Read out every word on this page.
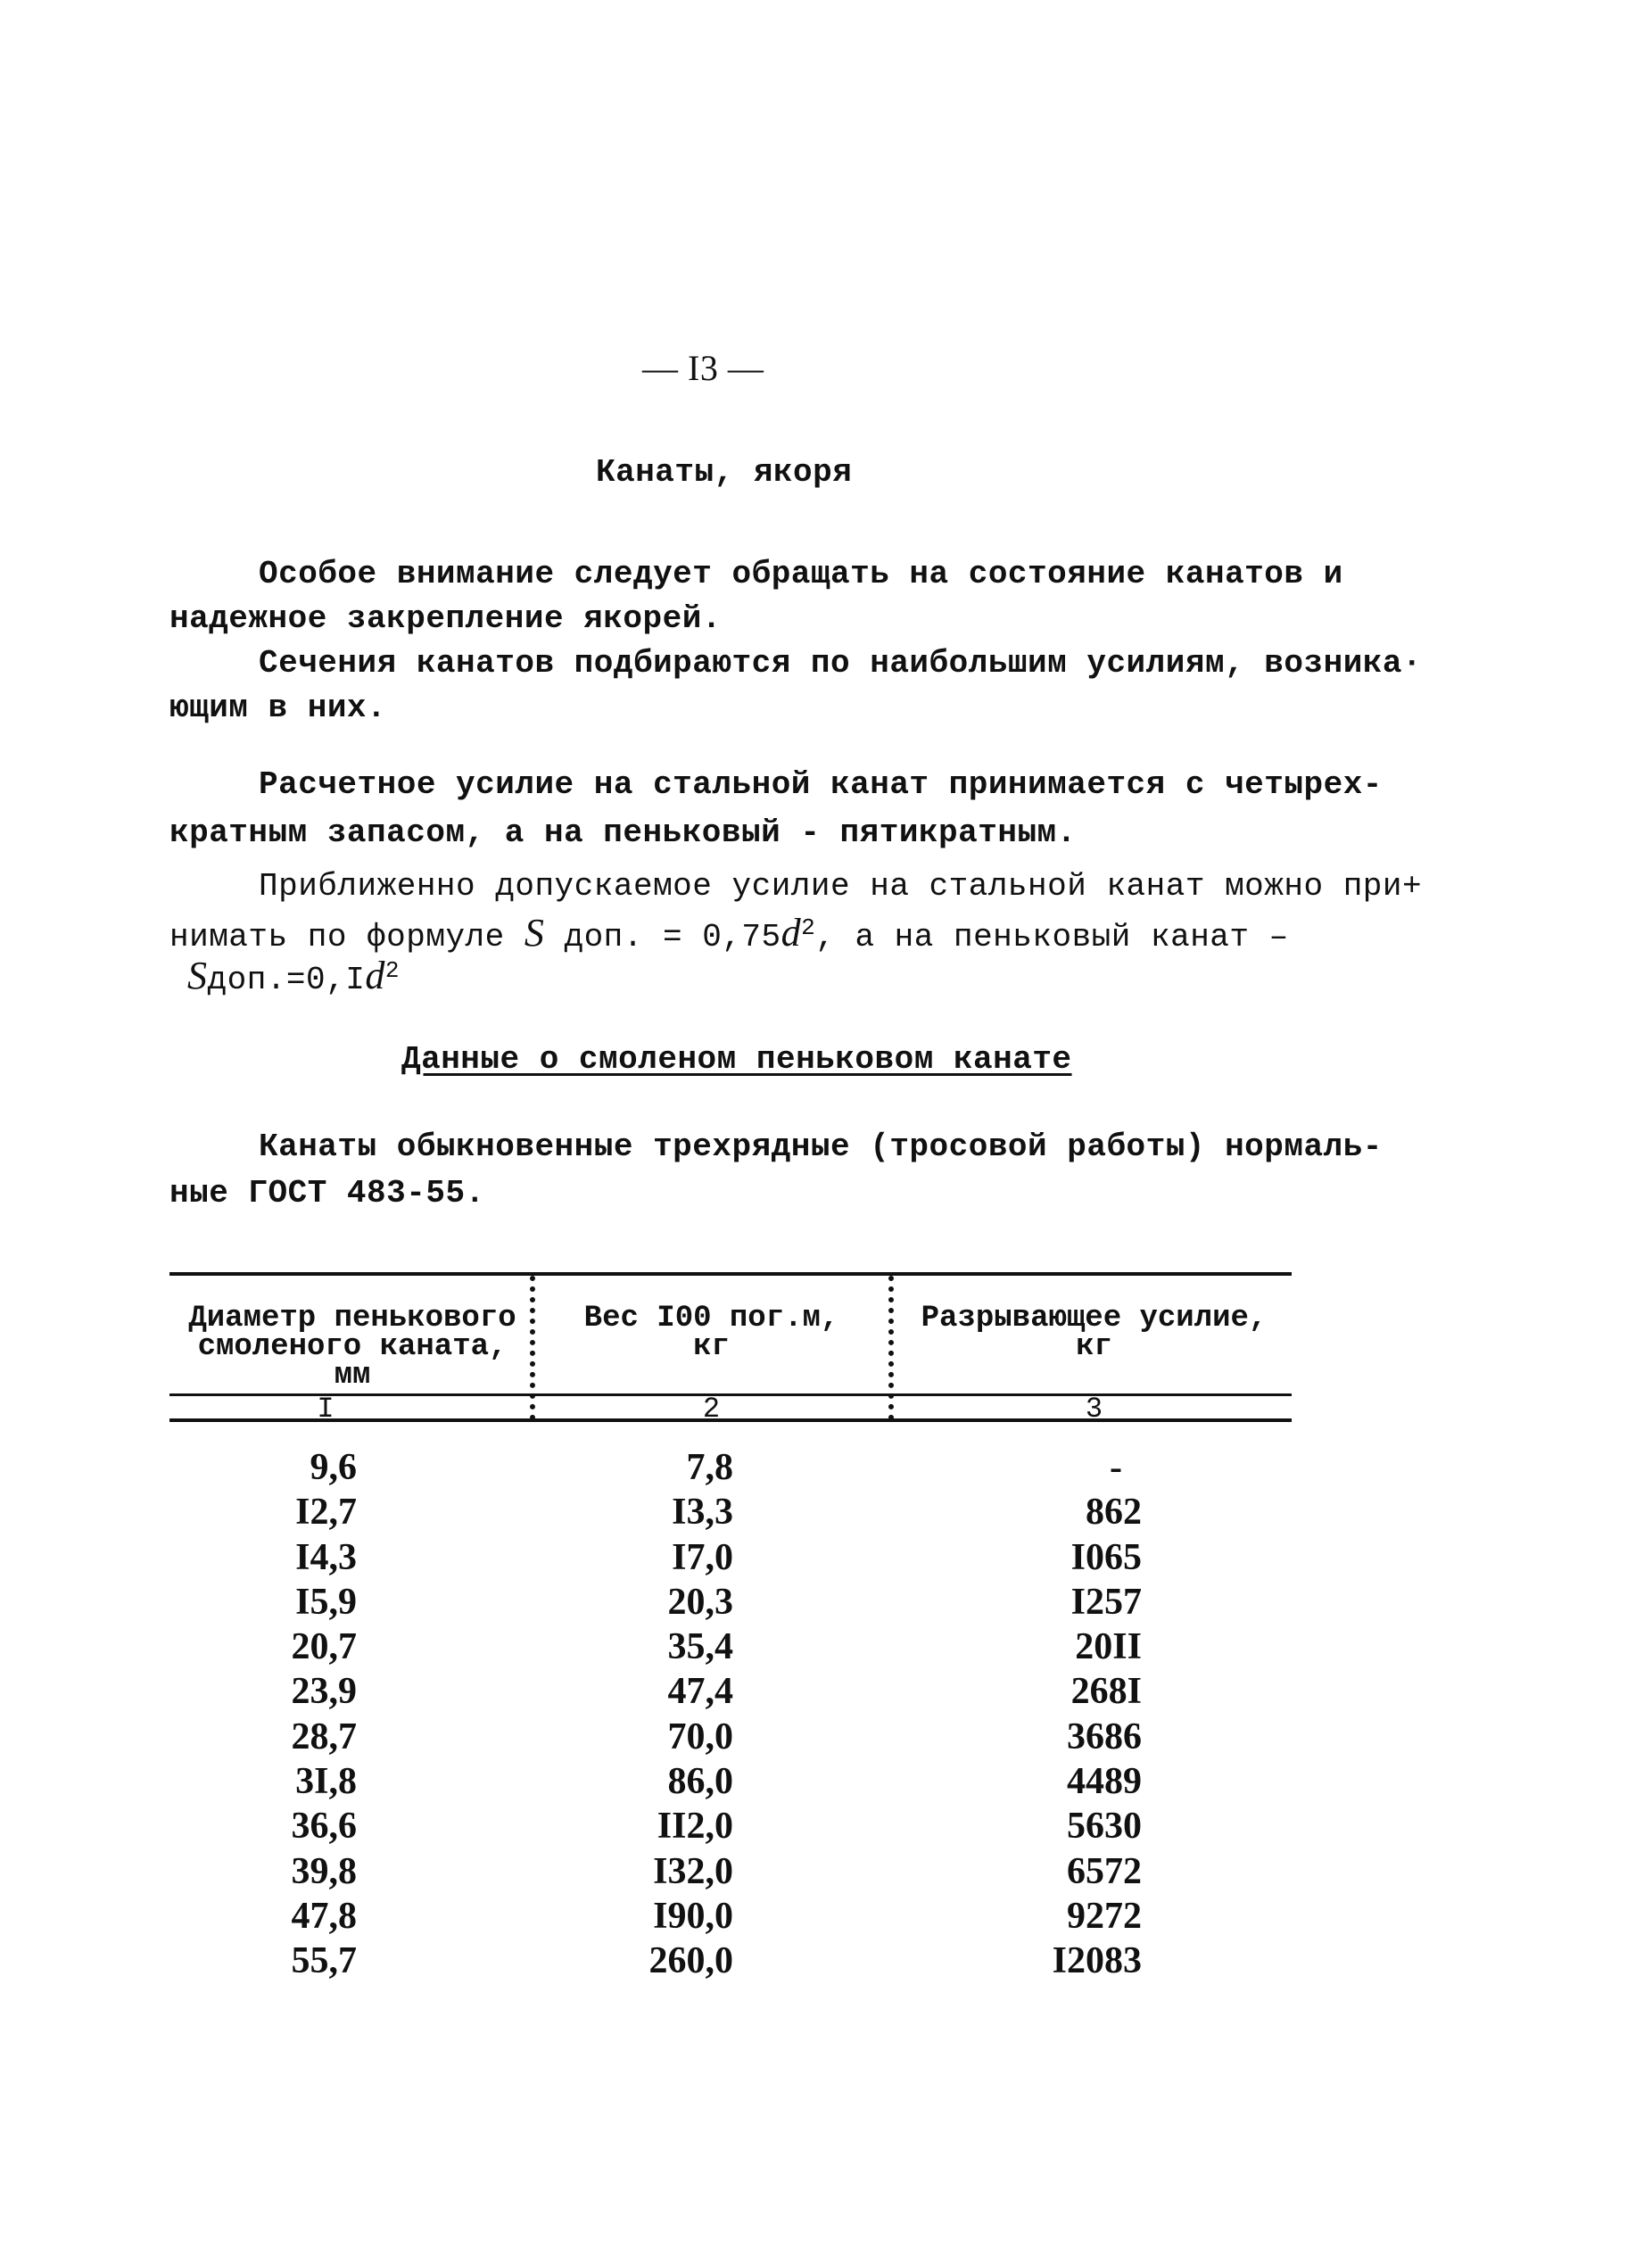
— I3 —
Канаты, якоря
Особое внимание следует обращать на состояние канатов и
надежное закрепление якорей.
Сечения канатов подбираются по наибольшим усилиям, возника·
ющим в них.
Расчетное усилие на стальной канат принимается с четырех-
кратным запасом, а на пеньковый - пятикратным.
Приближенно допускаемое усилие на стальной канат можно при+
нимать по формуле S доп. = $0,75d^2$, а на пеньковый канат –
$Sдоп.=0,Id^2$
Данные о смоленом пеньковом канате
Канаты обыкновенные трехрядные (тросовой работы) нормаль-
ные ГОСТ 483-55.
Диаметр пенькового
смоленого каната,
мм
Вес I00 пог.м,
кг
Разрывающее усилие,
кг
I	2	3
9,6
I2,7
I4,3
I5,9
20,7
23,9
28,7
3I,8
36,6
39,8
47,8
55,7
7,8
I3,3
I7,0
20,3
35,4
47,4
70,0
86,0
II2,0
I32,0
I90,0
260,0
-
862
I065
I257
20II
268I
3686
4489
5630
6572
9272
I2083
